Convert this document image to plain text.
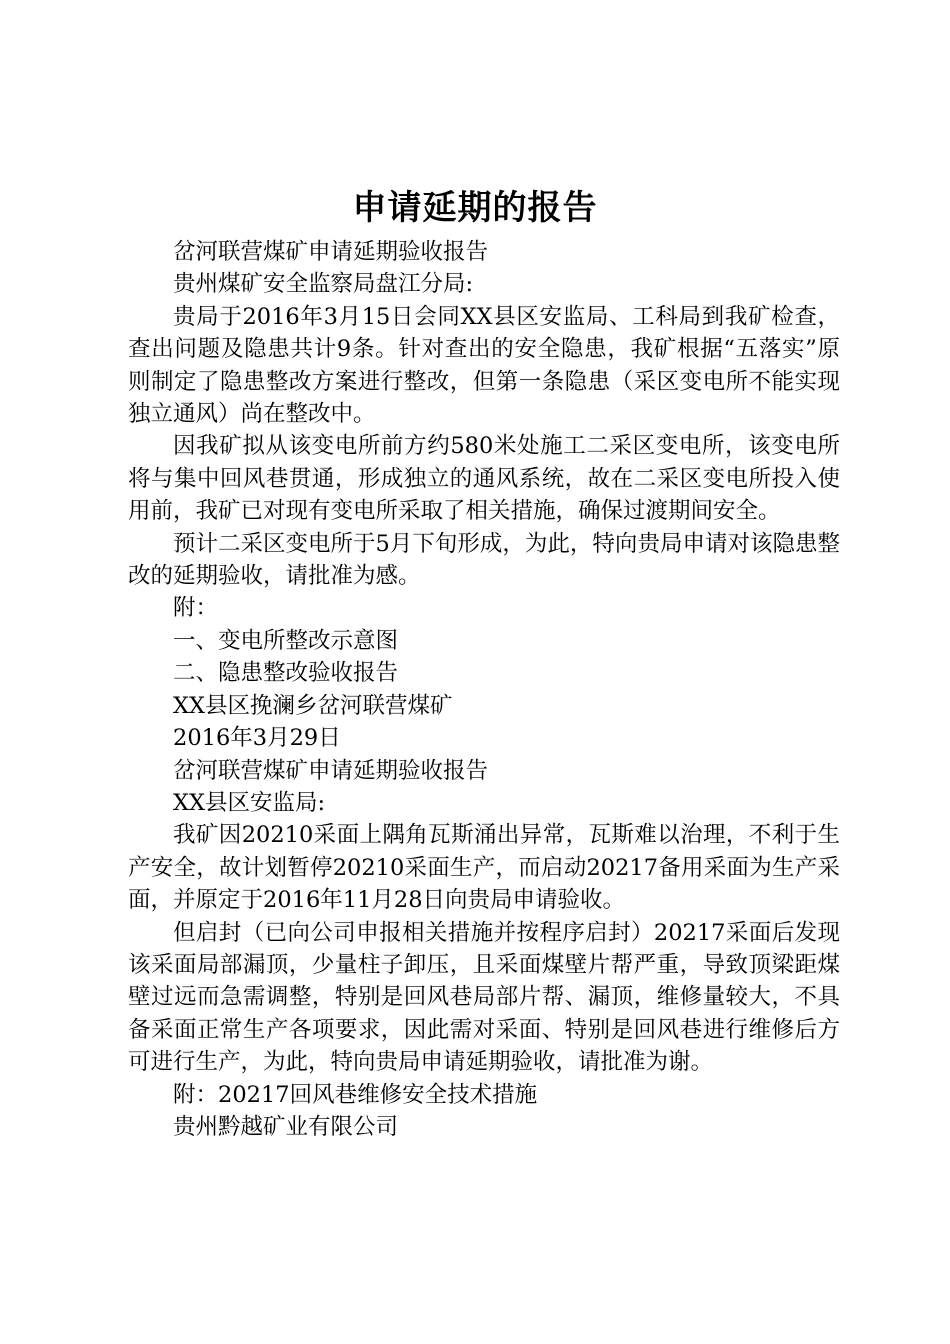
申请延期的报告

岔河联营煤矿申请延期验收报告

贵州煤矿安全监察局盘江分局:

贵局于2016年3月15日会同XX县区安监局、工科局到我矿检查，查出问题及隐患共计9条。针对查出的安全隐患，我矿根据“五落实”原则制定了隐患整改方案进行整改，但第一条隐患（采区变电所不能实现独立通风）尚在整改中。

因我矿拟从该变电所前方约580米处施工二采区变电所，该变电所将与集中回风巷贯通，形成独立的通风系统，故在二采区变电所投入使用前，我矿已对现有变电所采取了相关措施，确保过渡期间安全。

预计二采区变电所于5月下旬形成，为此，特向贵局申请对该隐患整改的延期验收，请批准为感。

附：

一、变电所整改示意图

二、隐患整改验收报告

XX县区挽澜乡岔河联营煤矿

2016年3月29日

岔河联营煤矿申请延期验收报告

XX县区安监局:

我矿因20210采面上隅角瓦斯涌出异常，瓦斯难以治理，不利于生产安全，故计划暂停20210采面生产，而启动20217备用采面为生产采面，并原定于2016年11月28日向贵局申请验收。

但启封（已向公司申报相关措施并按程序启封）20217采面后发现该采面局部漏顶，少量柱子卸压，且采面煤壁片帮严重，导致顶梁距煤壁过远而急需调整，特别是回风巷局部片帮、漏顶，维修量较大，不具备采面正常生产各项要求，因此需对采面、特别是回风巷进行维修后方可进行生产，为此，特向贵局申请延期验收，请批准为谢。

附：20217回风巷维修安全技术措施

贵州黔越矿业有限公司
